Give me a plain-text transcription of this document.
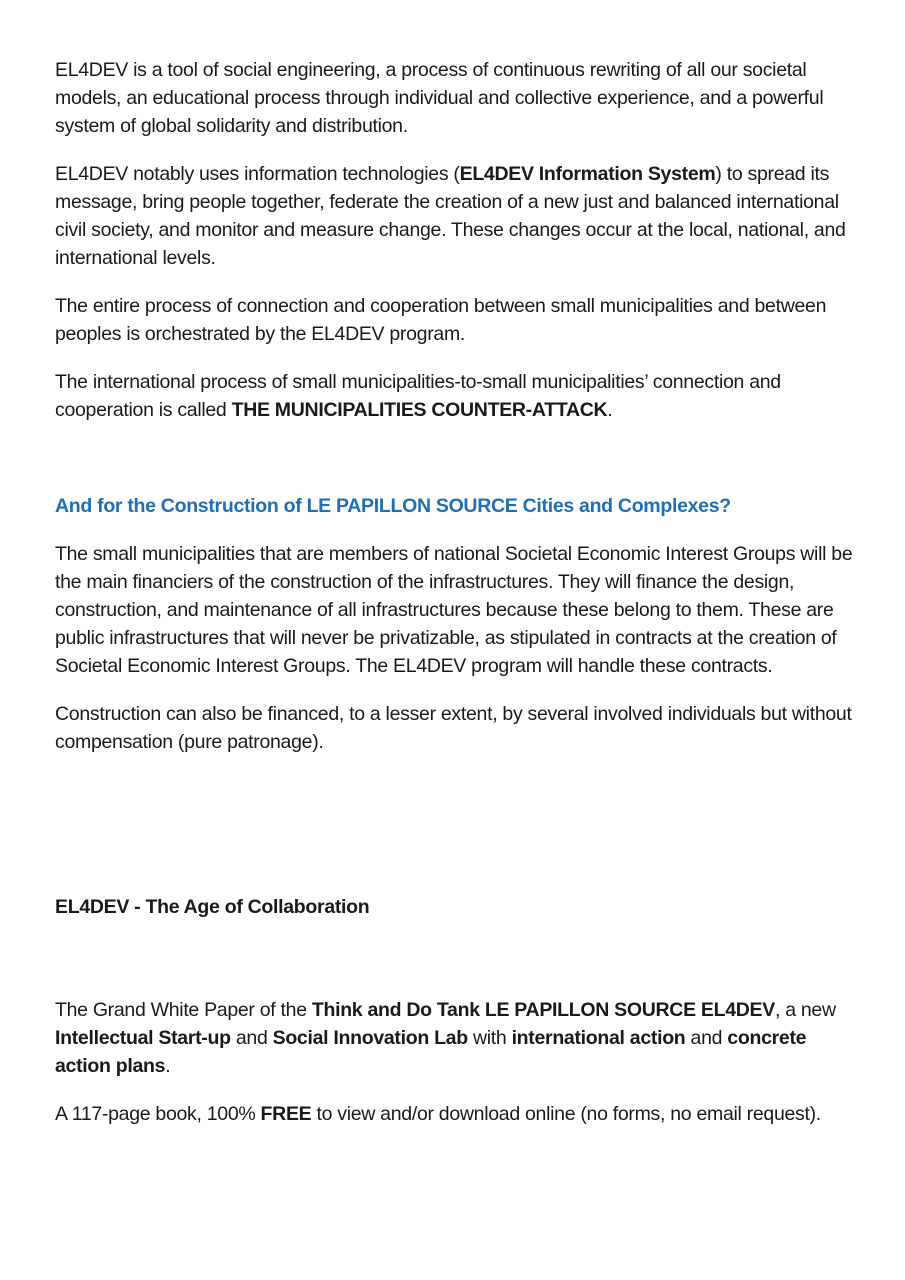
EL4DEV is a tool of social engineering, a process of continuous rewriting of all our societal models, an educational process through individual and collective experience, and a powerful system of global solidarity and distribution.

EL4DEV notably uses information technologies (EL4DEV Information System) to spread its message, bring people together, federate the creation of a new just and balanced international civil society, and monitor and measure change. These changes occur at the local, national, and international levels.

The entire process of connection and cooperation between small municipalities and between peoples is orchestrated by the EL4DEV program.

The international process of small municipalities-to-small municipalities’ connection and cooperation is called THE MUNICIPALITIES COUNTER-ATTACK.

And for the Construction of LE PAPILLON SOURCE Cities and Complexes?

The small municipalities that are members of national Societal Economic Interest Groups will be the main financiers of the construction of the infrastructures. They will finance the design, construction, and maintenance of all infrastructures because these belong to them. These are public infrastructures that will never be privatizable, as stipulated in contracts at the creation of Societal Economic Interest Groups. The EL4DEV program will handle these contracts.

Construction can also be financed, to a lesser extent, by several involved individuals but without compensation (pure patronage).

EL4DEV - The Age of Collaboration

The Grand White Paper of the Think and Do Tank LE PAPILLON SOURCE EL4DEV, a new Intellectual Start-up and Social Innovation Lab with international action and concrete action plans.

A 117-page book, 100% FREE to view and/or download online (no forms, no email request).
